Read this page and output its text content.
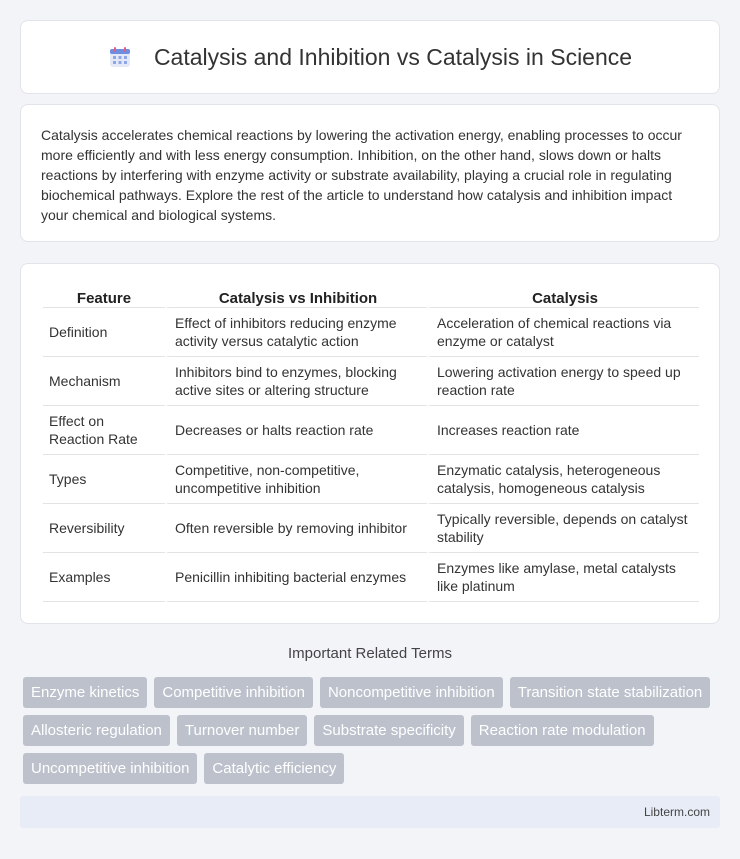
Catalysis and Inhibition vs Catalysis in Science

Catalysis accelerates chemical reactions by lowering the activation energy, enabling processes to occur more efficiently and with less energy consumption. Inhibition, on the other hand, slows down or halts reactions by interfering with enzyme activity or substrate availability, playing a crucial role in regulating biochemical pathways. Explore the rest of the article to understand how catalysis and inhibition impact your chemical and biological systems.

Feature	Catalysis vs Inhibition	Catalysis
Definition	Effect of inhibitors reducing enzyme activity versus catalytic action	Acceleration of chemical reactions via enzyme or catalyst
Mechanism	Inhibitors bind to enzymes, blocking active sites or altering structure	Lowering activation energy to speed up reaction rate
Effect on Reaction Rate	Decreases or halts reaction rate	Increases reaction rate
Types	Competitive, non-competitive, uncompetitive inhibition	Enzymatic catalysis, heterogeneous catalysis, homogeneous catalysis
Reversibility	Often reversible by removing inhibitor	Typically reversible, depends on catalyst stability
Examples	Penicillin inhibiting bacterial enzymes	Enzymes like amylase, metal catalysts like platinum
Important Related Terms
Enzyme kinetics	Competitive inhibition	Noncompetitive inhibition	Transition state stabilization
Allosteric regulation	Turnover number	Substrate specificity	Reaction rate modulation
Uncompetitive inhibition	Catalytic efficiency
Libterm.com
